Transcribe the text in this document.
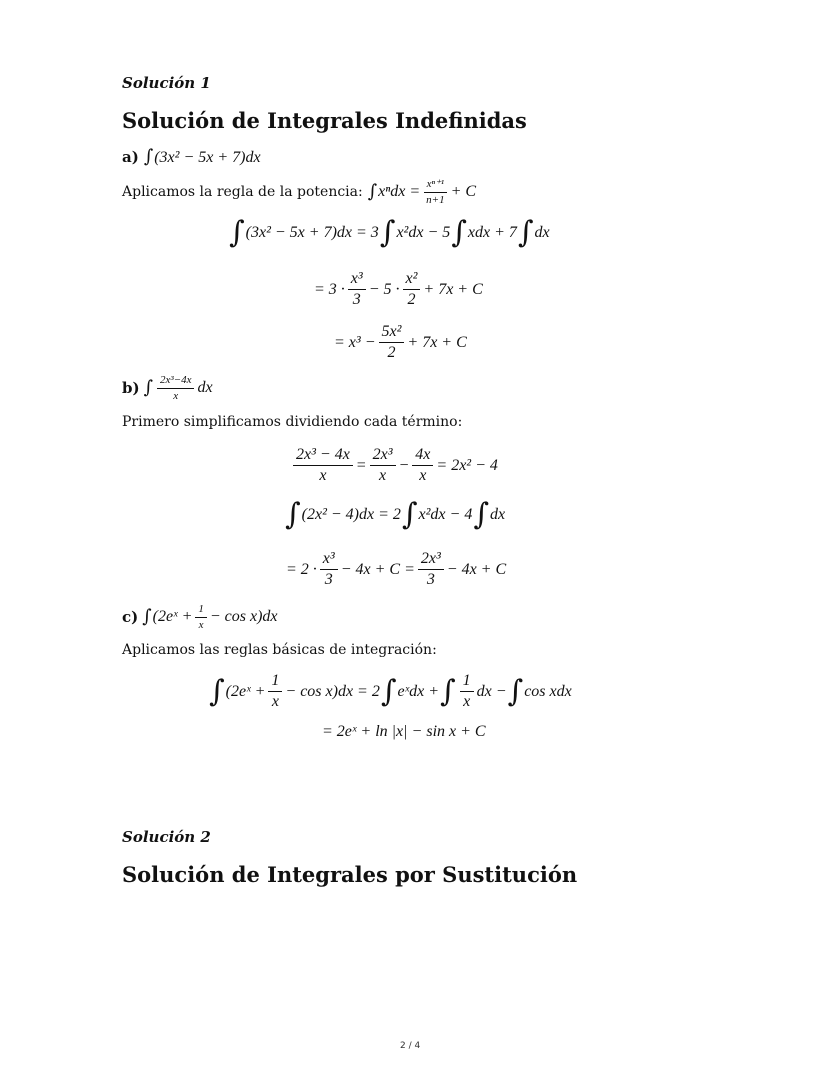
Solución 1
Solución de Integrales Indefinidas
a) ∫(3x² − 5x + 7)dx
Aplicamos la regla de la potencia: ∫ $x^ndx = \frac{\text{xⁿ⁺¹}}{n+1} + C$
∫ (3x² − 5x + 7)dx = 3 ∫ x²dx − 5 ∫ xdx + 7 ∫ dx
= $3 \cdot \frac{\text{x³}}{3} - 5 \cdot \frac{\text{x²}}{2} + 7x + C$
= $x^3 - \frac{\text{5x²}}{2} + 7x + C$
b) ∫ $\frac{\text{2x³−4x}}{x}$ dx
Primero simplificamos dividiendo cada término:
$\frac{\text{2x³ − 4x}}{x} = \frac{\text{2x³}}{x} - \frac{4x}{x} = 2x^2 - 4$
∫ (2x² − 4)dx = 2 ∫ x²dx − 4 ∫ dx
= $2 \cdot \frac{\text{x³}}{3} - 4x + C = \frac{\text{2x³}}{3} - 4x + C$
c) ∫ (2eˣ + $\frac{1}{x} - \cos x)dx$
Aplicamos las reglas básicas de integración:
∫ (2eˣ + $\frac{1}{x} - \cos x)dx = 2$ ∫ eˣdx + ∫ $\frac{1}{x}$ dx − ∫ cos xdx
= 2eˣ + ln |x| − sin x + C
Solución 2
Solución de Integrales por Sustitución
2 / 4
